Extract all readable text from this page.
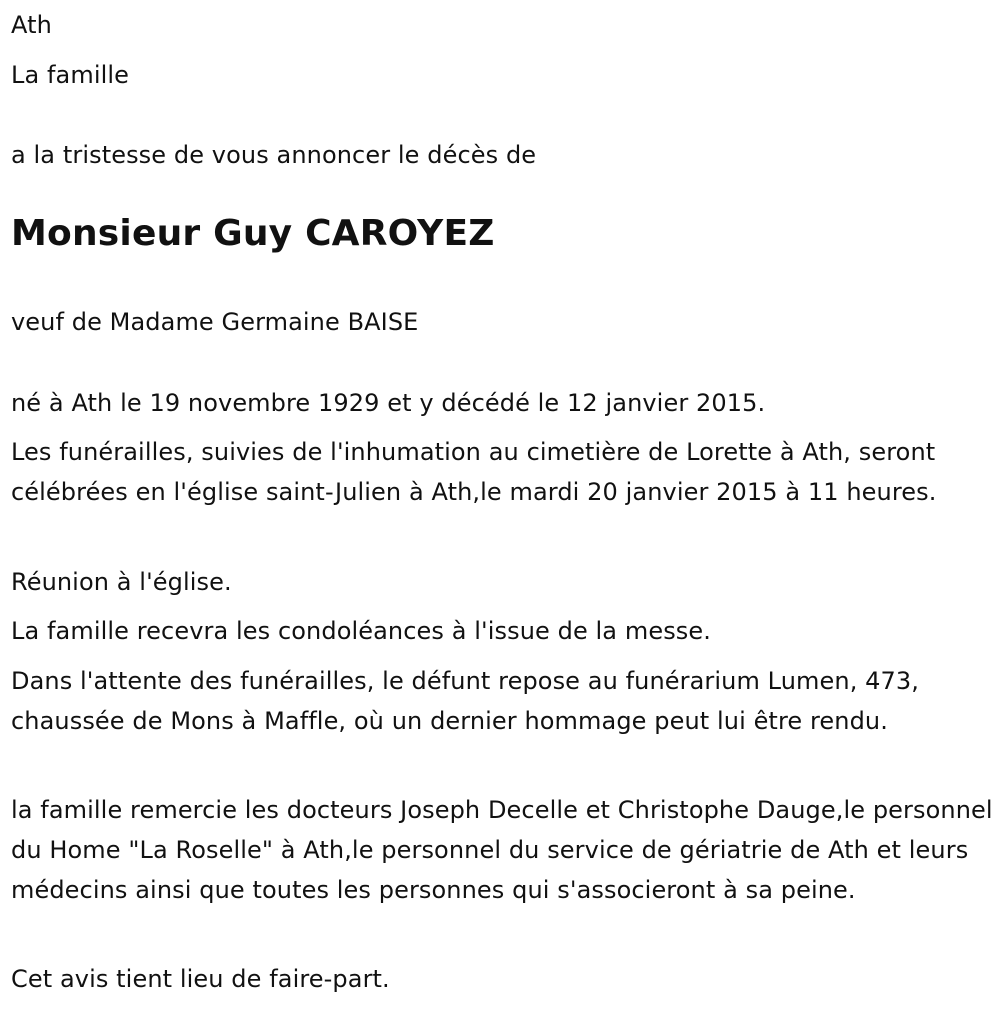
Ath
La famille
a la tristesse de vous annoncer le décès de
Monsieur Guy CAROYEZ
veuf de Madame Germaine BAISE
né à Ath le 19 novembre 1929 et y décédé le 12 janvier 2015.
Les funérailles, suivies de l'inhumation au cimetière de Lorette à Ath, seront célébrées en l'église saint-Julien à Ath,le mardi 20 janvier 2015 à 11 heures.
Réunion à l'église.
La famille recevra les condoléances à l'issue de la messe.
Dans l'attente des funérailles, le défunt repose au funérarium Lumen, 473, chaussée de Mons à Maffle, où un dernier hommage peut lui être rendu.
la famille remercie les docteurs Joseph Decelle et Christophe Dauge,le personnel du Home "La Roselle" à Ath,le personnel du service de gériatrie de Ath et leurs médecins ainsi que toutes les personnes qui s'associeront à sa peine.
Cet avis tient lieu de faire-part.
